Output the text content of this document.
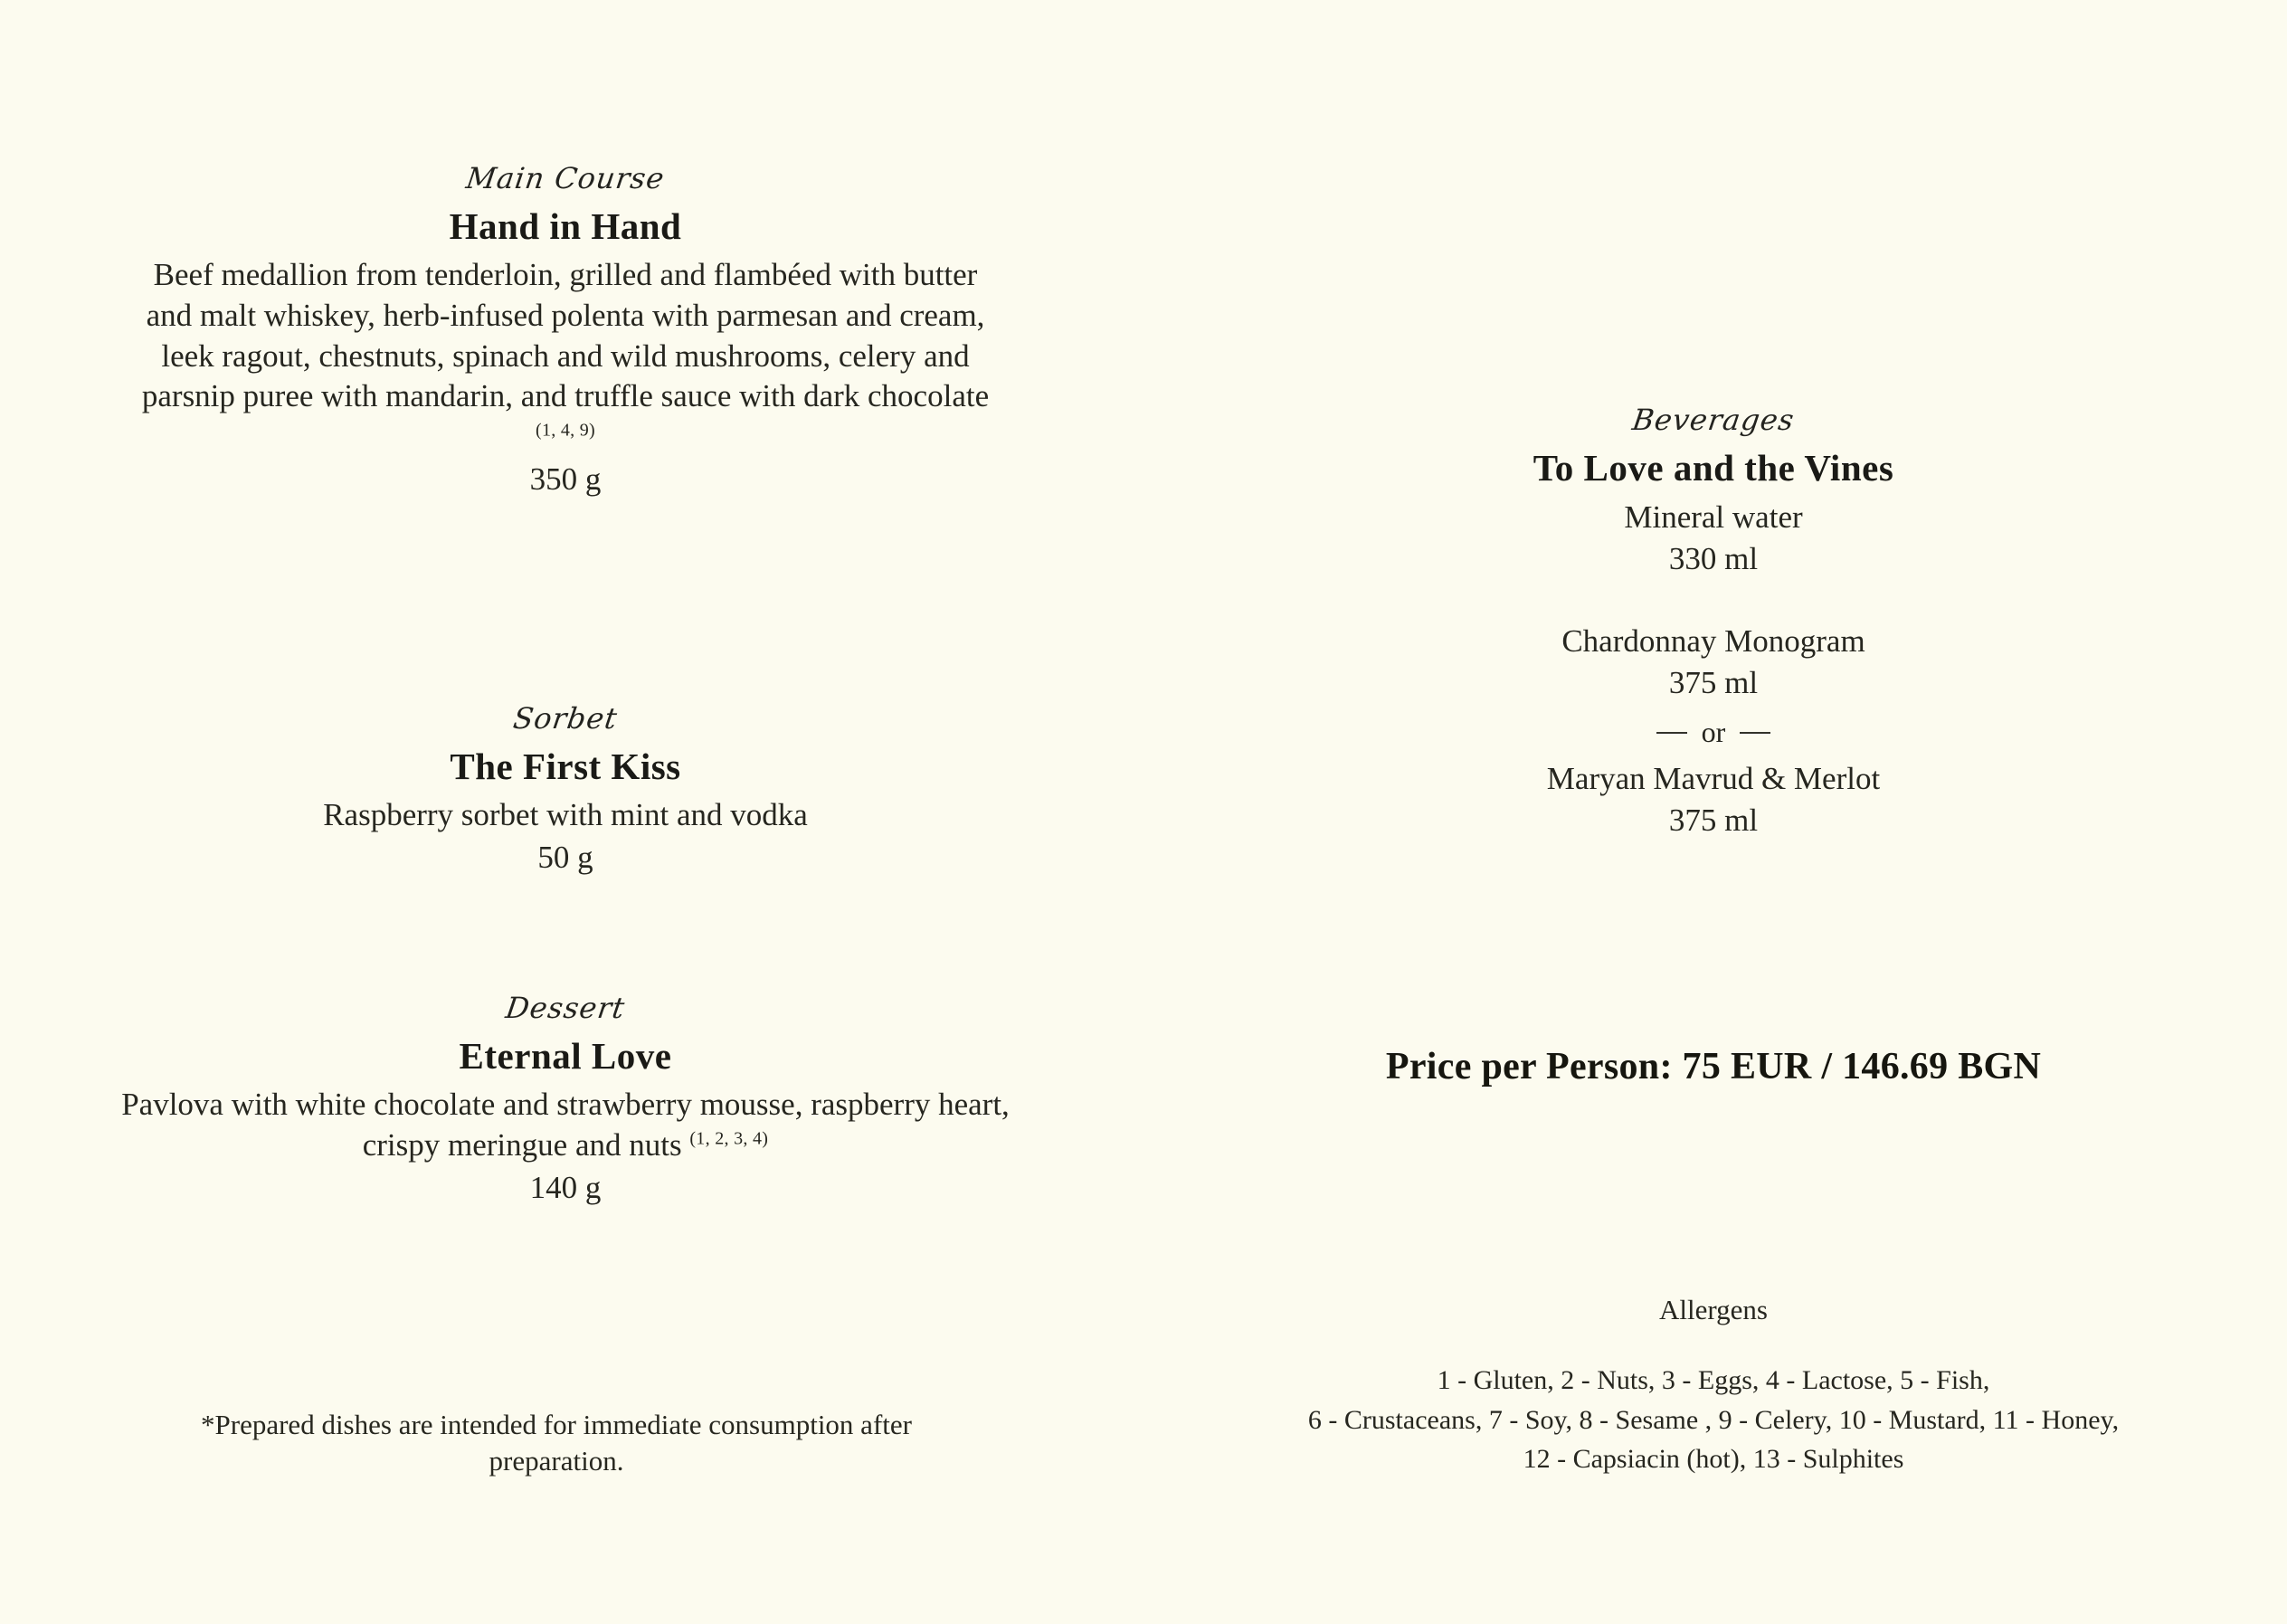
Main Course
Hand in Hand
Beef medallion from tenderloin, grilled and flambéed with butter and malt whiskey, herb-infused polenta with parmesan and cream, leek ragout, chestnuts, spinach and wild mushrooms, celery and parsnip puree with mandarin, and truffle sauce with dark chocolate $^{(1, 4, 9)}$
350 g
Sorbet
The First Kiss
Raspberry sorbet with mint and vodka
50 g
Dessert
Eternal Love
Pavlova with white chocolate and strawberry mousse, raspberry heart, crispy meringue and nuts $^{(1, 2, 3, 4)}$
140 g
*Prepared dishes are intended for immediate consumption after preparation.
Beverages
To Love and the Vines
Mineral water
330 ml
Chardonnay Monogram
375 ml
or
Maryan Mavrud & Merlot
375 ml
Price per Person: 75 EUR / 146.69 BGN
Allergens
1 - Gluten, 2 - Nuts, 3 - Eggs, 4 - Lactose, 5 - Fish,
6 - Crustaceans, 7 - Soy, 8 - Sesame , 9 - Celery, 10 - Mustard, 11 - Honey,
12 - Capsiacin (hot), 13 - Sulphites
